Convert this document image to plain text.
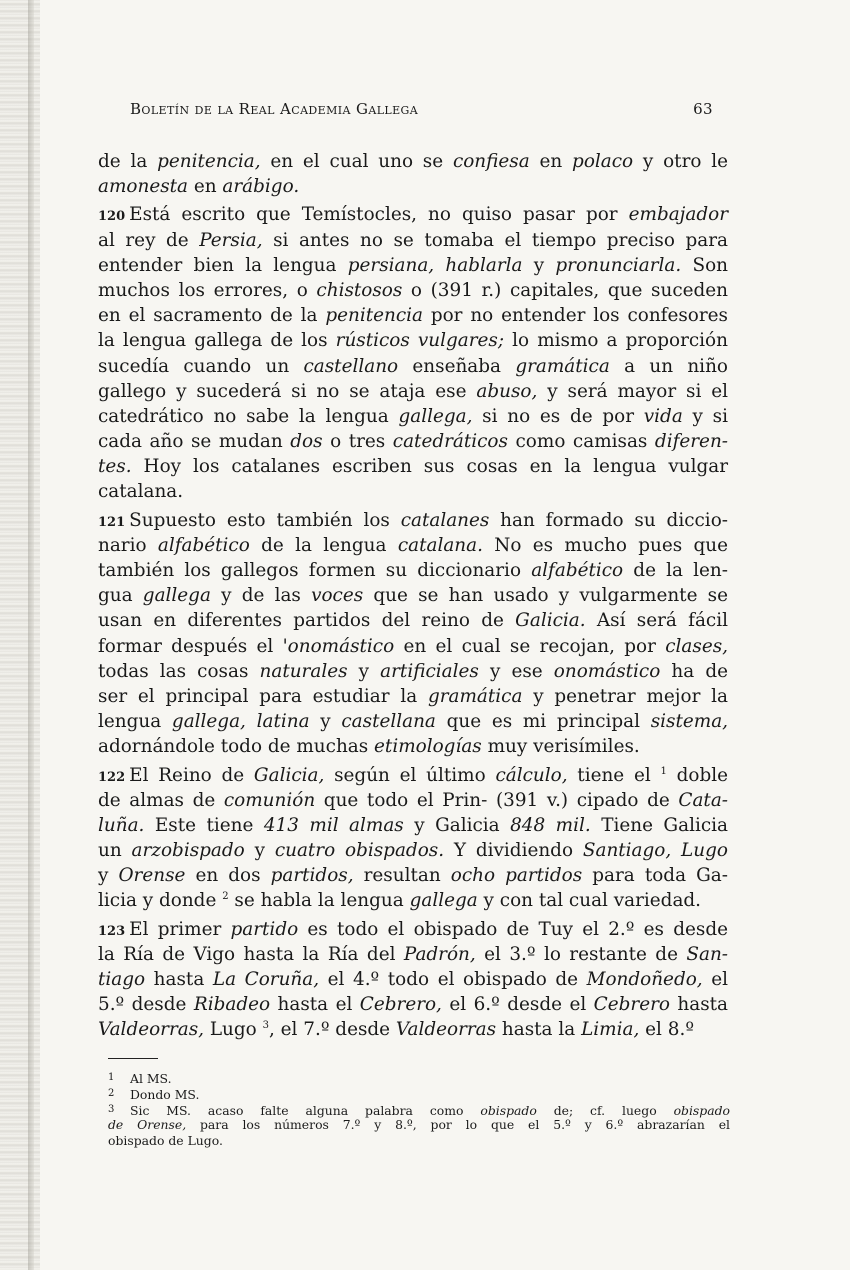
Boletín de la Real Academia Gallega	63
de la penitencia, en el cual uno se confiesa en polaco y otro le
amonesta en arábigo.
120 Está escrito que Temístocles, no quiso pasar por embajador
al rey de Persia, si antes no se tomaba el tiempo preciso para
entender bien la lengua persiana, hablarla y pronunciarla. Son
muchos los errores, o chistosos o (391 r.) capitales, que suceden
en el sacramento de la penitencia por no entender los confesores
la lengua gallega de los rústicos vulgares; lo mismo a proporción
sucedía cuando un castellano enseñaba gramática a un niño
gallego y sucederá si no se ataja ese abuso, y será mayor si el
catedrático no sabe la lengua gallega, si no es de por vida y si
cada año se mudan dos o tres catedráticos como camisas diferen-
tes. Hoy los catalanes escriben sus cosas en la lengua vulgar
catalana.
121 Supuesto esto también los catalanes han formado su diccio-
nario alfabético de la lengua catalana. No es mucho pues que
también los gallegos formen su diccionario alfabético de la len-
gua gallega y de las voces que se han usado y vulgarmente se
usan en diferentes partidos del reino de Galicia. Así será fácil
formar después el 'onomástico en el cual se recojan, por clases,
todas las cosas naturales y artificiales y ese onomástico ha de
ser el principal para estudiar la gramática y penetrar mejor la
lengua gallega, latina y castellana que es mi principal sistema,
adornándole todo de muchas etimologías muy verisímiles.
122 El Reino de Galicia, según el último cálculo, tiene el $^1$ doble
de almas de comunión que todo el Prin- (391 v.) cipado de Cata-
luña. Este tiene 413 mil almas y Galicia 848 mil. Tiene Galicia
un arzobispado y cuatro obispados. Y dividiendo Santiago, Lugo
y Orense en dos partidos, resultan ocho partidos para toda Ga-
licia y donde $^2$ se habla la lengua gallega y con tal cual variedad.
123 El primer partido es todo el obispado de Tuy el 2.º es desde
la Ría de Vigo hasta la Ría del Padrón, el 3.º lo restante de San-
tiago hasta La Coruña, el 4.º todo el obispado de Mondoñedo, el
5.º desde Ribadeo hasta el Cebrero, el 6.º desde el Cebrero hasta
Valdeorras, Lugo $^3$, el 7.º desde Valdeorras hasta la Limia, el 8.º
1 Al MS.
2 Dondo MS.
3 Sic MS. acaso falte alguna palabra como obispado de; cf. luego obispado
de Orense, para los números 7.º y 8.º, por lo que el 5.º y 6.º abrazarían el
obispado de Lugo.
